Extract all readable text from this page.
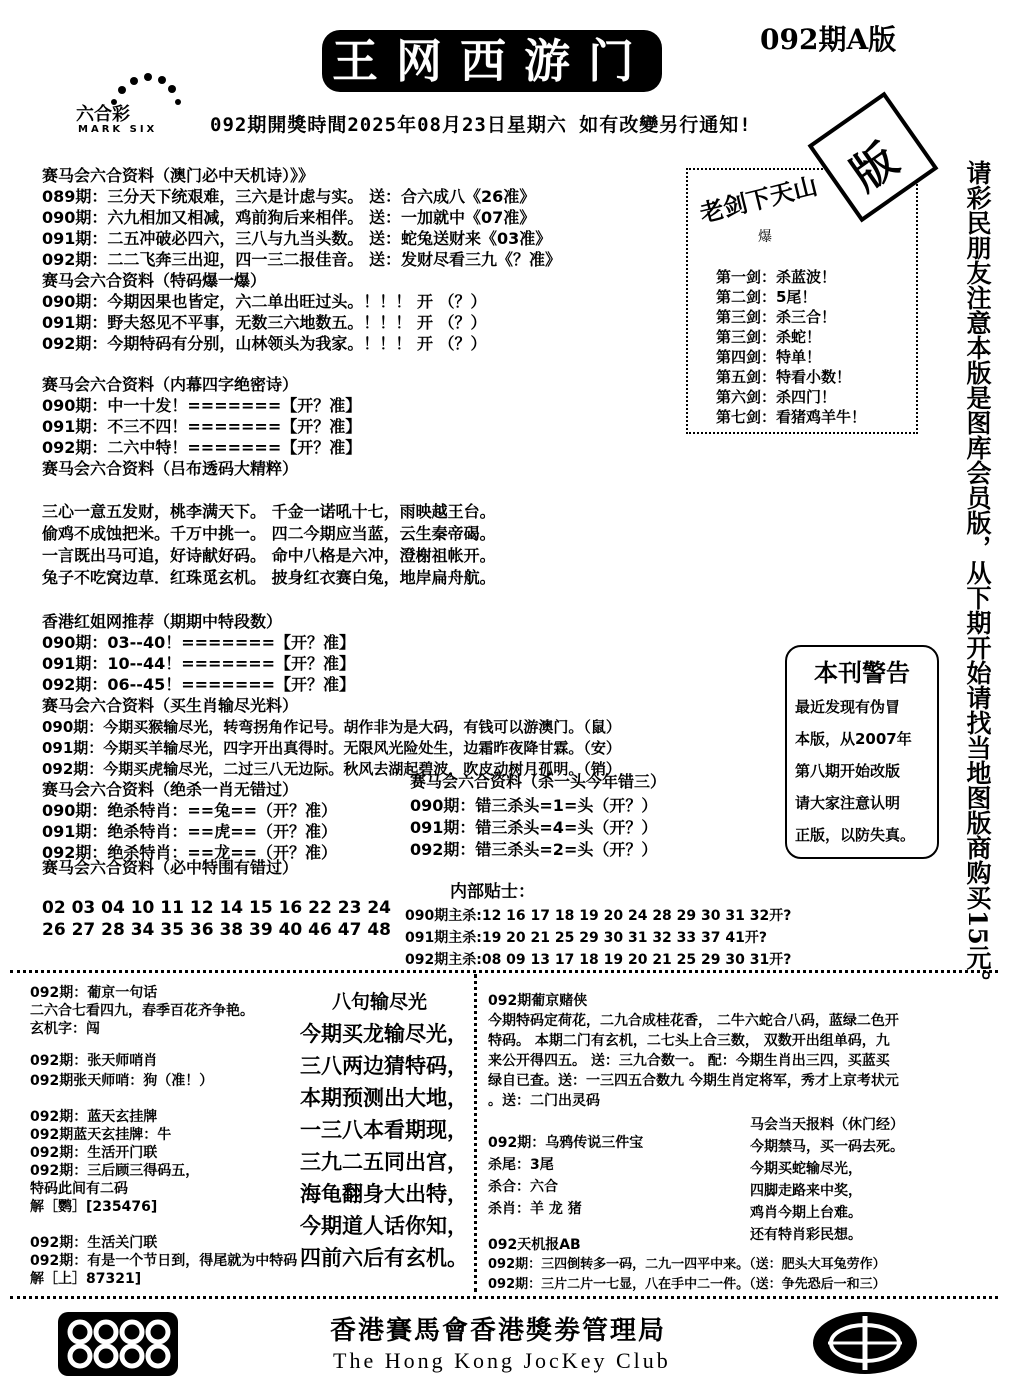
王网西游门	092期A版
六合彩
MARK SIX	092期開獎時間2025年08月23日星期六 如有改變另行通知!
赛马会六合资料（澳门必中天机诗）》》
089期：三分天下统艰难，三六是计虑与实。 送：合六成八《26准》
090期：六九相加又相减，鸡前狗后来相伴。 送：一加就中《07准》
091期：二五冲破必四六，三八与九当头数。 送：蛇兔送财来《03准》
092期：二二飞奔三出迎，四一三二报佳音。 送：发财尽看三九《？准》
赛马会六合资料（特码爆一爆）
090期：今期因果也皆定，六二单出旺过头。！！！ 开 （？）
091期：野夫怒见不平事，无数三六地数五。！！！ 开 （？）
092期：今期特码有分别，山林领头为我家。！！！ 开 （？）
赛马会六合资料（内幕四字绝密诗）
090期：中一十发！=======【开？准】
091期：不三不四！=======【开？准】
092期：二六中特！=======【开？准】
赛马会六合资料（吕布透码大精粹）
三心一意五发财，桃李满天下。 千金一诺吼十七，雨映越王台。
偷鸡不成蚀把米。千万中挑一。 四二今期应当蓝，云生秦帝碣。
一言既出马可追，好诗献好码。 命中八格是六冲，澄榭祖帐开。
兔子不吃窝边草．红珠觅玄机。 披身红衣赛白兔，地岸扁舟航。
香港红姐网推荐（期期中特段数）
090期：03--40！=======【开？准】
091期：10--44！=======【开？准】
092期：06--45！=======【开？准】
赛马会六合资料（买生肖输尽光料）
090期：今期买猴输尽光，转弯拐角作记号。胡作非为是大码，有钱可以游澳门。（鼠）
091期：今期买羊输尽光，四字开出真得时。无限风光险处生，边霜昨夜降甘霖。（安）
092期：今期买虎输尽光，二过三八无边际。秋风去湖起碧波，吹皮动树月孤明。（销）
赛马会六合资料（绝杀一肖无错过）
090期：绝杀特肖：==兔==（开？准）
091期：绝杀特肖：==虎==（开？准）
092期：绝杀特肖：==龙==（开？准）
赛马会六合资料（杀一头今年错三）
090期：错三杀头=1=头（开？）
091期：错三杀头=4=头（开？）
092期：错三杀头=2=头（开？）
赛马会六合资料（必中特围有错过）
02 03 04 10 11 12 14 15 16 22 23 24
26 27 28 34 35 36 38 39 40 46 47 48
内部贴士：
090期主杀:12 16 17 18 19 20 24 28 29 30 31 32开?
091期主杀:19 20 21 25 29 30 31 32 33 37 41开?
092期主杀:08 09 13 17 18 19 20 21 25 29 30 31开?
老剑下天山
爆
第一剑：杀蓝波！
第二剑：5尾！
第三剑：杀三合！
第三剑：杀蛇！
第四剑：特单！
第五剑：特看小数！
第六剑：杀四门！
第七剑：看猪鸡羊牛！
版 请彩民朋友注意本版是图库会员版，从下期开始请找当地图版商购买15元。
本刊警告
最近发现有伪冒
本版，从2007年
第八期开始改版
请大家注意认明
正版，以防失真。
092期：葡京一句话
二六合七看四九，春季百花齐争艳。
玄机字：闯
092期：张天师哨肖
092期张天师哨：狗（准！）
092期：蓝天玄挂牌
092期蓝天玄挂牌：牛
092期：生活开门联
092期：三后顾三得码五，
特码此间有二码
解［鹦］[235476]
092期：生活关门联
092期：有是一个节日到，得尾就为中特码
解［上］87321]
八句输尽光
今期买龙输尽光，
三八两边猜特码，
本期预测出大地，
一三八本看期现，
三九二五同出宫，
海龟翻身大出特，
今期道人话你知，
四前六后有玄机。
092期葡京赌侠
今期特码定荷花，二九合成桂花香， 二牛六蛇合八码，蓝绿二色开
特码。 本期二门有玄机，二七头上合三数， 双数开出组单码，九
来公开得四五。 送：三九合数一。 配：今期生肖出三四，买蓝买
绿自已查。送：一三四五合数九 今期生肖定将军，秀才上京考状元
。送：二门出灵码
092期：乌鸦传说三件宝
杀尾：3尾
杀合：六合
杀肖：羊 龙 猪
马会当天报料（休门经）
今期禁马，买一码去死。
今期买蛇输尽光，
四脚走路来中奖，
鸡肖今期上台难。
还有特肖彩民想。
092天机报AB
092期：三四倒转多一码，二九一四平中来。（送：肥头大耳兔劳作）
092期：三片二片一七显，八在手中二一件。（送：争先恐后一和三）
香港賽馬會香港獎劵管理局
The Hong Kong JocKey Club
